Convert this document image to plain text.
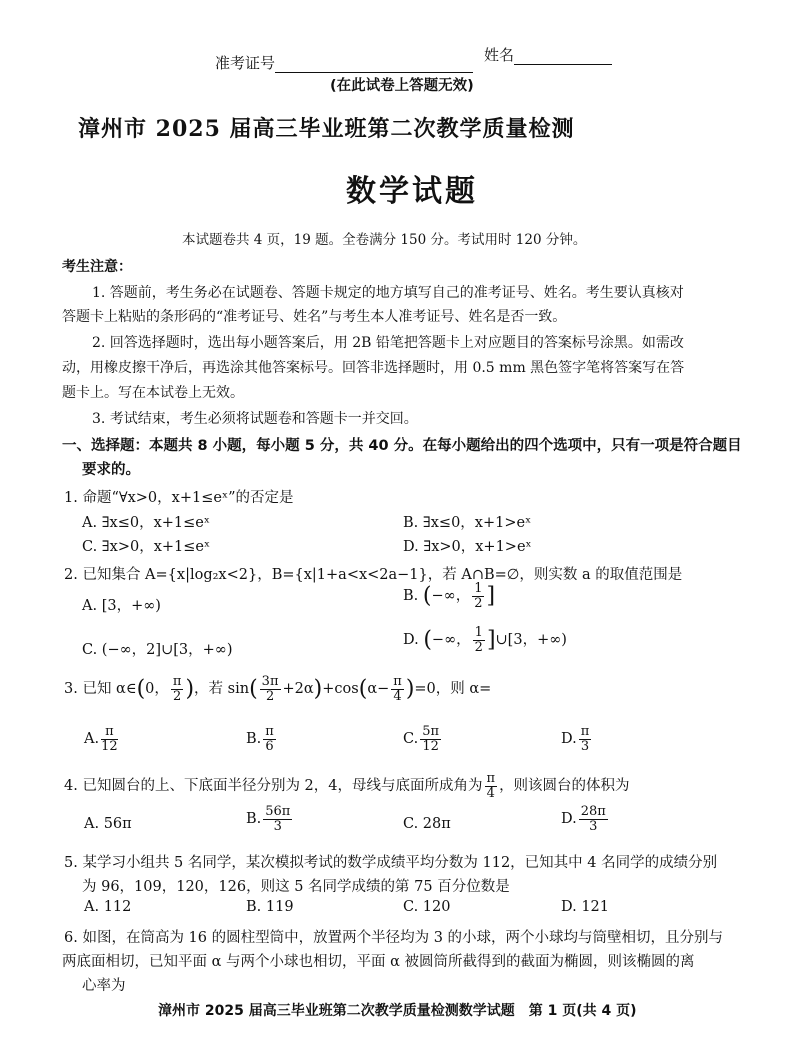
准考证号	姓名
(在此试卷上答题无效)
漳州市 2025 届高三毕业班第二次教学质量检测
数学试题
本试题卷共 4 页，19 题。全卷满分 150 分。考试用时 120 分钟。
考生注意：
1. 答题前，考生务必在试题卷、答题卡规定的地方填写自己的准考证号、姓名。考生要认真核对
答题卡上粘贴的条形码的“准考证号、姓名”与考生本人准考证号、姓名是否一致。
2. 回答选择题时，选出每小题答案后，用 2B 铅笔把答题卡上对应题目的答案标号涂黑。如需改
动，用橡皮擦干净后，再选涂其他答案标号。回答非选择题时，用 0.5 mm 黑色签字笔将答案写在答
题卡上。写在本试卷上无效。
3. 考试结束，考生必须将试题卷和答题卡一并交回。
一、选择题：本题共 8 小题，每小题 5 分，共 40 分。在每小题给出的四个选项中，只有一项是符合题目
要求的。
1. 命题“∀x>0，x+1≤eˣ”的否定是
A. ∃x≤0，x+1≤eˣ	B. ∃x≤0，x+1>eˣ
C. ∃x>0，x+1≤eˣ	D. ∃x>0，x+1>eˣ
2. 已知集合 A={x|log₂x<2}，B={x|1+a<x<2a−1}，若 A∩B=∅，则实数 a 的取值范围是
A. [3，+∞)
B. (−∞， $\frac{1}{2}$ ]
C. (−∞，2]∪[3，+∞)
D. (−∞， $\frac{1}{2}$ ]∪[3，+∞)
3. 已知 α∈(0， $\frac{\pi}{2}$ )，若 $\sin( \frac{3\pi}{2} +2\alpha)+\cos(\alpha- \frac{\pi}{4} )=0$，则 α=
A. $\frac{\pi}{12}$	B. $\frac{\pi}{6}$	C. $\frac{5\pi}{12}$	D. $\frac{\pi}{3}$
4. 已知圆台的上、下底面半径分别为 2，4，母线与底面所成角为 $\frac{\pi}{4}$ ，则该圆台的体积为
A. 56π	B. $\frac{56\pi}{3}$	C. 28π	D. $\frac{28\pi}{3}$
5. 某学习小组共 5 名同学，某次模拟考试的数学成绩平均分数为 112，已知其中 4 名同学的成绩分别
为 96，109，120，126，则这 5 名同学成绩的第 75 百分位数是
A. 112	B. 119	C. 120	D. 121
6. 如图，在筒高为 16 的圆柱型筒中，放置两个半径均为 3 的小球，两个小球均与筒壁相切，且分别与
两底面相切，已知平面 α 与两个小球也相切，平面 α 被圆筒所截得到的截面为椭圆，则该椭圆的离
心率为
漳州市 2025 届高三毕业班第二次教学质量检测数学试题　第 1 页(共 4 页)
